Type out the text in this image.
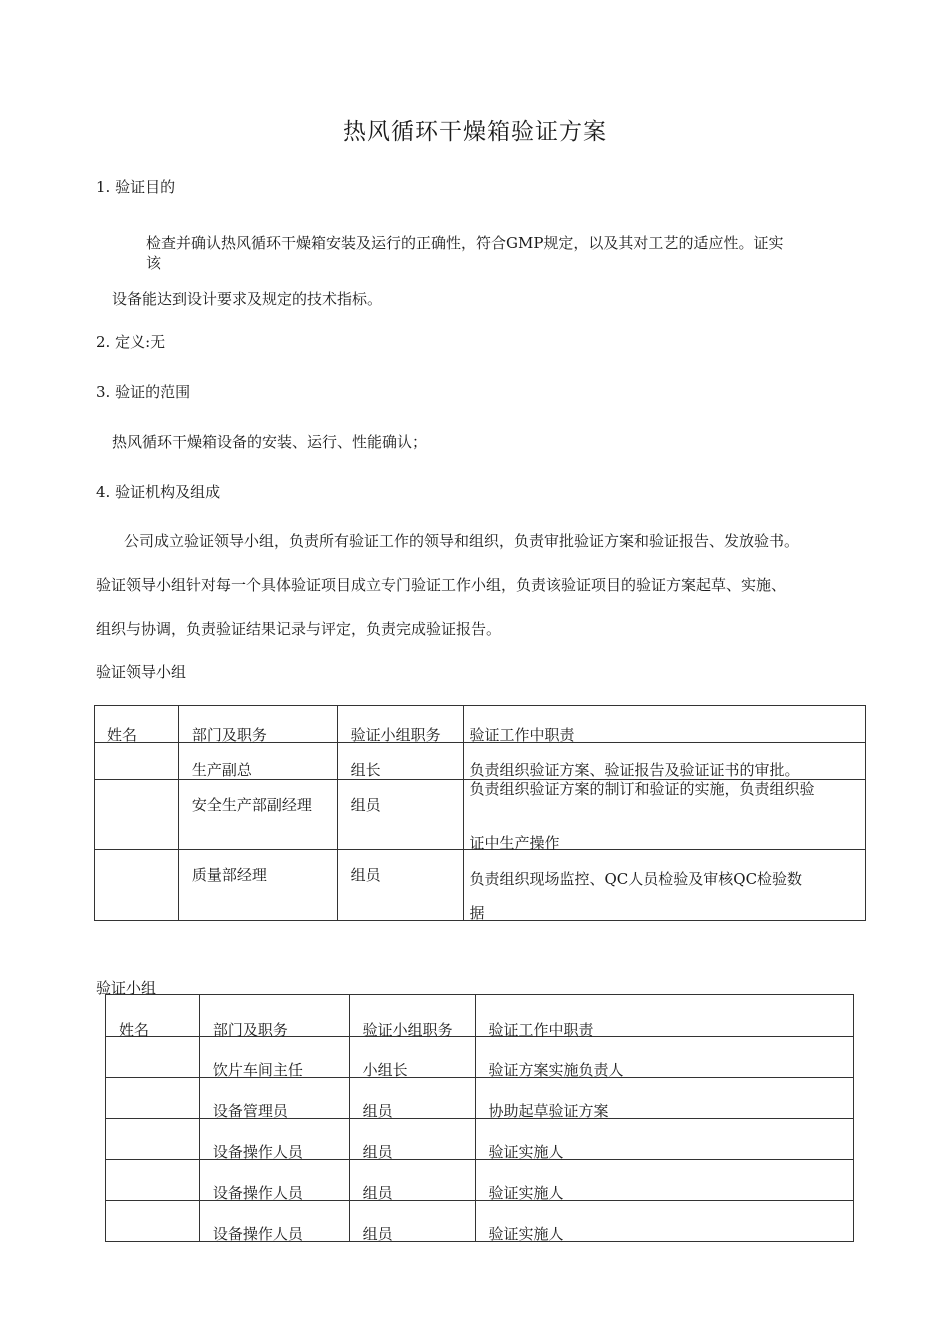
热风循环干燥箱验证方案
1. 验证目的
检查并确认热风循环干燥箱安装及运行的正确性，符合GMP规定，以及其对工艺的适应性。证实
该
设备能达到设计要求及规定的技术指标。
2. 定义:无
3. 验证的范围
热风循环干燥箱设备的安装、运行、性能确认；
4. 验证机构及组成
公司成立验证领导小组，负责所有验证工作的领导和组织，负责审批验证方案和验证报告、发放验书。
验证领导小组针对每一个具体验证项目成立专门验证工作小组，负责该验证项目的验证方案起草、实施、
组织与协调，负责验证结果记录与评定，负责完成验证报告。
验证领导小组
姓名	部门及职务	验证小组职务	验证工作中职责

	生产副总	组长	负责组织验证方案、验证报告及验证证书的审批。

	安全生产部副经理	组员	负责组织验证方案的制订和验证的实施，负责组织验
证中生产操作

	质量部经理	组员	负责组织现场监控、QC人员检验及审核QC检验数
据
验证小组
姓名	部门及职务	验证小组职务	验证工作中职责

	饮片车间主任	小组长	验证方案实施负责人

	设备管理员	组员	协助起草验证方案

	设备操作人员	组员	验证实施人

	设备操作人员	组员	验证实施人

	设备操作人员	组员	验证实施人
